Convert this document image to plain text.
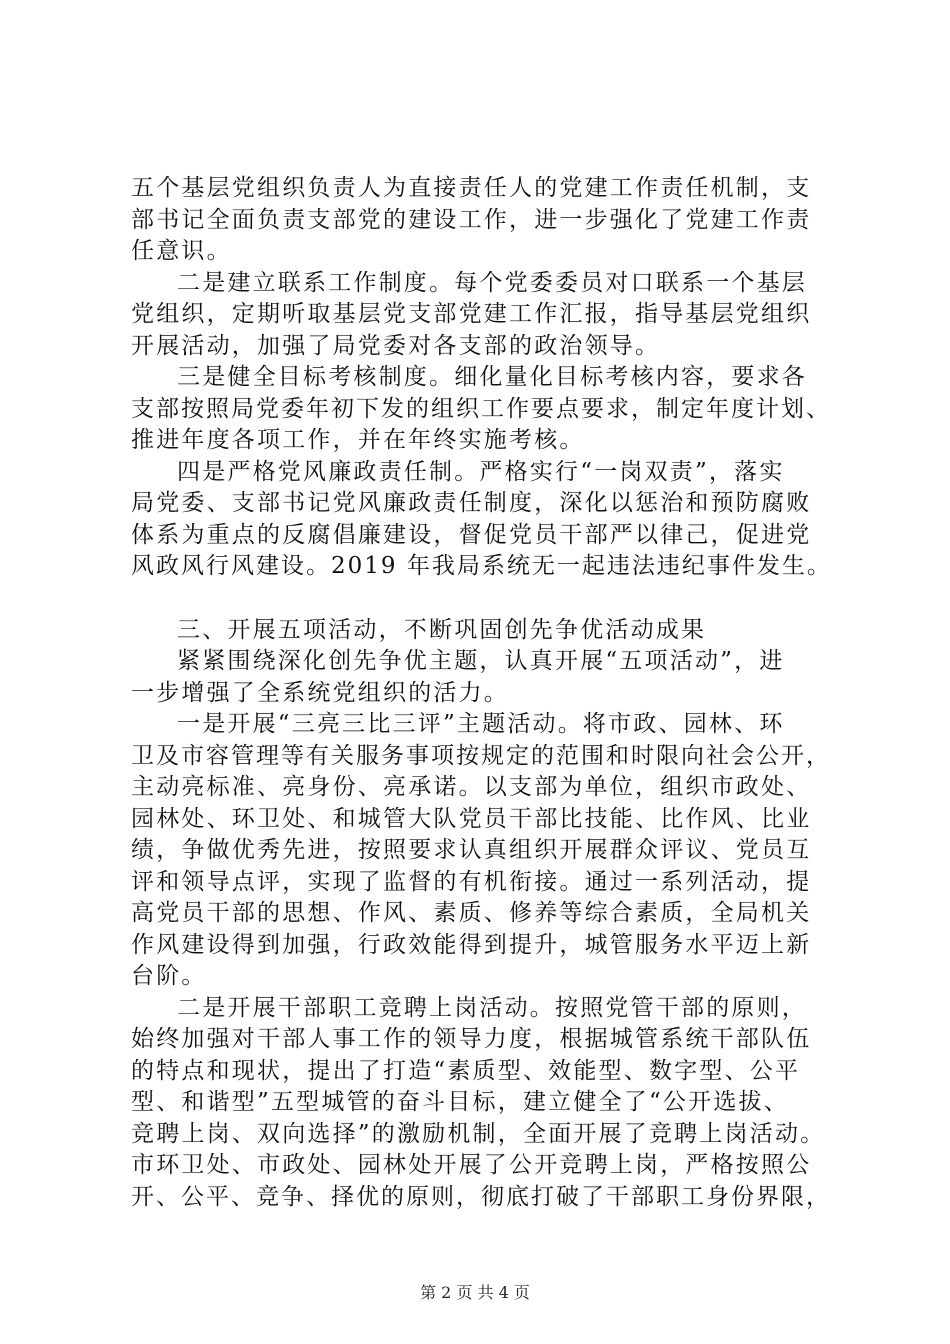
五个基层党组织负责人为直接责任人的党建工作责任机制，支
部书记全面负责支部党的建设工作，进一步强化了党建工作责
任意识。
二是建立联系工作制度。每个党委委员对口联系一个基层
党组织，定期听取基层党支部党建工作汇报，指导基层党组织
开展活动，加强了局党委对各支部的政治领导。
三是健全目标考核制度。细化量化目标考核内容，要求各
支部按照局党委年初下发的组织工作要点要求，制定年度计划、
推进年度各项工作，并在年终实施考核。
四是严格党风廉政责任制。严格实行“一岗双责”，落实
局党委、支部书记党风廉政责任制度，深化以惩治和预防腐败
体系为重点的反腐倡廉建设，督促党员干部严以律己，促进党
风政风行风建设。2019 年我局系统无一起违法违纪事件发生。
三、开展五项活动，不断巩固创先争优活动成果
紧紧围绕深化创先争优主题，认真开展“五项活动”，进
一步增强了全系统党组织的活力。
一是开展“三亮三比三评”主题活动。将市政、园林、环
卫及市容管理等有关服务事项按规定的范围和时限向社会公开，
主动亮标准、亮身份、亮承诺。以支部为单位，组织市政处、
园林处、环卫处、和城管大队党员干部比技能、比作风、比业
绩，争做优秀先进，按照要求认真组织开展群众评议、党员互
评和领导点评，实现了监督的有机衔接。通过一系列活动，提
高党员干部的思想、作风、素质、修养等综合素质，全局机关
作风建设得到加强，行政效能得到提升，城管服务水平迈上新
台阶。
二是开展干部职工竞聘上岗活动。按照党管干部的原则，
始终加强对干部人事工作的领导力度，根据城管系统干部队伍
的特点和现状，提出了打造“素质型、效能型、数字型、公平
型、和谐型”五型城管的奋斗目标，建立健全了“公开选拔、
竞聘上岗、双向选择”的激励机制，全面开展了竞聘上岗活动。
市环卫处、市政处、园林处开展了公开竞聘上岗，严格按照公
开、公平、竞争、择优的原则，彻底打破了干部职工身份界限，
第 2 页 共 4 页
